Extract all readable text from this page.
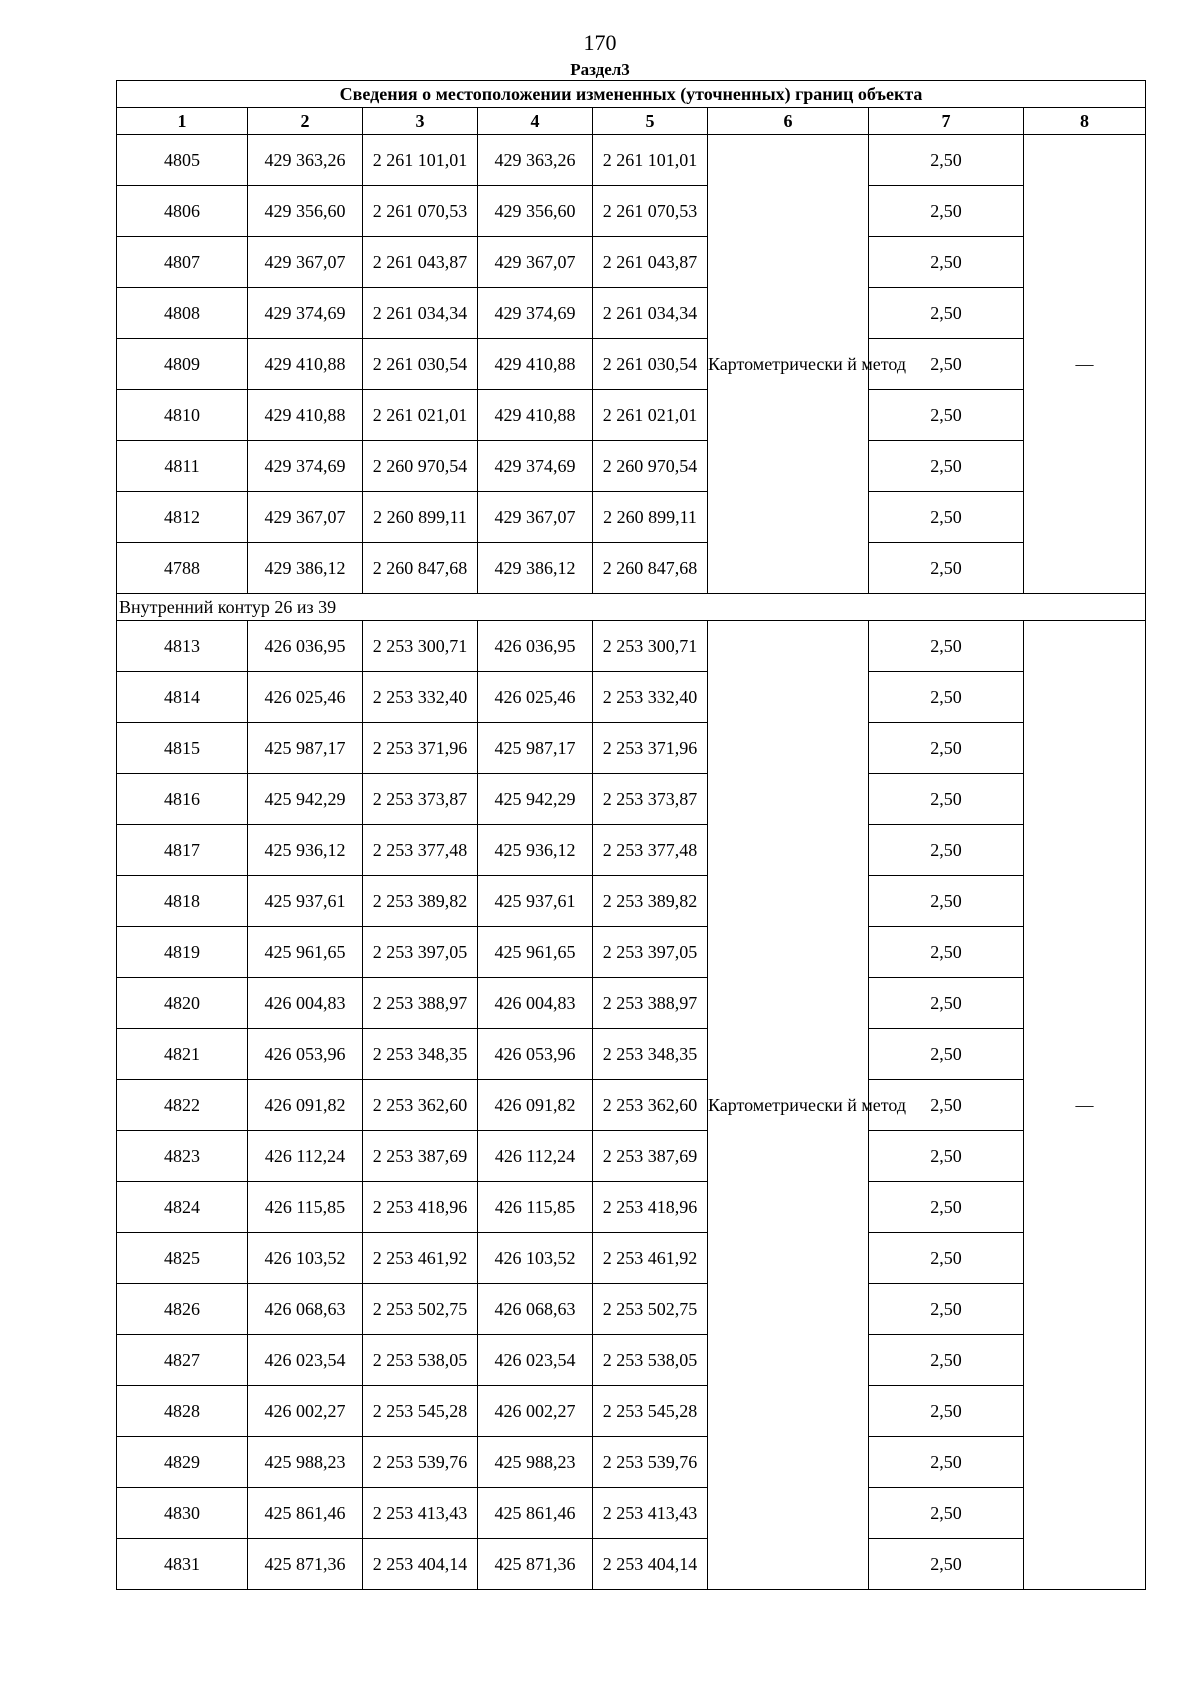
170
Раздел3
Сведения о местоположении измененных (уточненных) границ объекта							
1	2	3	4	5	6	7	8
4805	429 363,26	2 261 101,01	429 363,26	2 261 101,01	Картометрически й метод	2,50	—
4806	429 356,60	2 261 070,53	429 356,60	2 261 070,53		2,50	
4807	429 367,07	2 261 043,87	429 367,07	2 261 043,87		2,50	
4808	429 374,69	2 261 034,34	429 374,69	2 261 034,34		2,50	
4809	429 410,88	2 261 030,54	429 410,88	2 261 030,54		2,50	
4810	429 410,88	2 261 021,01	429 410,88	2 261 021,01		2,50	
4811	429 374,69	2 260 970,54	429 374,69	2 260 970,54		2,50	
4812	429 367,07	2 260 899,11	429 367,07	2 260 899,11		2,50	
4788	429 386,12	2 260 847,68	429 386,12	2 260 847,68		2,50	
Внутренний контур 26 из 39							
4813	426 036,95	2 253 300,71	426 036,95	2 253 300,71	Картометрически й метод	2,50	—
4814	426 025,46	2 253 332,40	426 025,46	2 253 332,40		2,50	
4815	425 987,17	2 253 371,96	425 987,17	2 253 371,96		2,50	
4816	425 942,29	2 253 373,87	425 942,29	2 253 373,87		2,50	
4817	425 936,12	2 253 377,48	425 936,12	2 253 377,48		2,50	
4818	425 937,61	2 253 389,82	425 937,61	2 253 389,82		2,50	
4819	425 961,65	2 253 397,05	425 961,65	2 253 397,05		2,50	
4820	426 004,83	2 253 388,97	426 004,83	2 253 388,97		2,50	
4821	426 053,96	2 253 348,35	426 053,96	2 253 348,35		2,50	
4822	426 091,82	2 253 362,60	426 091,82	2 253 362,60		2,50	
4823	426 112,24	2 253 387,69	426 112,24	2 253 387,69		2,50	
4824	426 115,85	2 253 418,96	426 115,85	2 253 418,96		2,50	
4825	426 103,52	2 253 461,92	426 103,52	2 253 461,92		2,50	
4826	426 068,63	2 253 502,75	426 068,63	2 253 502,75		2,50	
4827	426 023,54	2 253 538,05	426 023,54	2 253 538,05		2,50	
4828	426 002,27	2 253 545,28	426 002,27	2 253 545,28		2,50	
4829	425 988,23	2 253 539,76	425 988,23	2 253 539,76		2,50	
4830	425 861,46	2 253 413,43	425 861,46	2 253 413,43		2,50	
4831	425 871,36	2 253 404,14	425 871,36	2 253 404,14		2,50	
